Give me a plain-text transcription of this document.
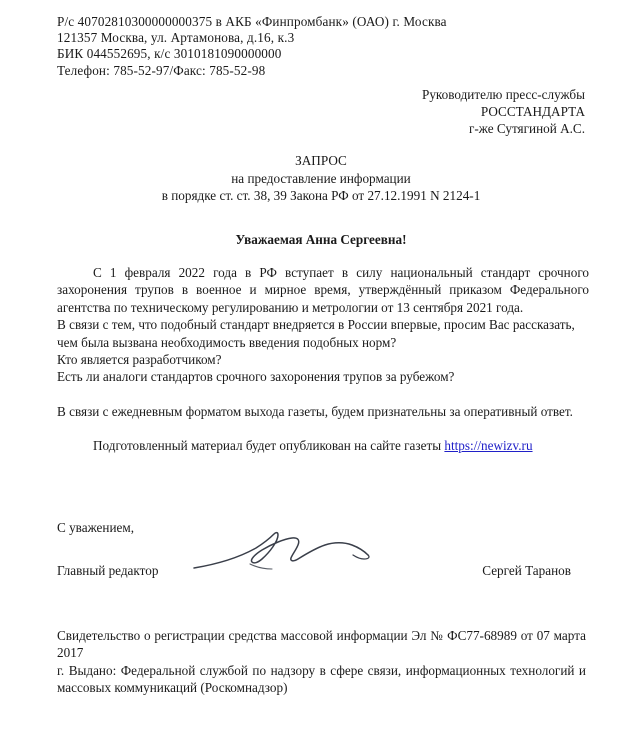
Р/с 40702810300000000375 в АКБ «Финпромбанк» (ОАО) г. Москва
121357 Москва, ул. Артамонова, д.16, к.3
БИК 044552695, к/с 3010181090000000
Телефон: 785-52-97/Факс: 785-52-98
Руководителю пресс-службы
РОССТАНДАРТА
г-же Сутягиной А.С.
ЗАПРОС
на предоставление информации
в порядке ст. ст. 38, 39 Закона РФ от 27.12.1991 N 2124-1
Уважаемая Анна Сергеевна!
С 1 февраля 2022 года в РФ вступает в силу национальный стандарт срочного захоронения трупов в военное и мирное время, утверждённый приказом Федерального агентства по техническому регулированию и метрологии от 13 сентября 2021 года.
В связи с тем, что подобный стандарт внедряется в России впервые, просим Вас рассказать, чем была вызвана необходимость введения подобных норм?
Кто является разработчиком?
Есть ли аналоги стандартов срочного захоронения трупов за рубежом?
В связи с ежедневным форматом выхода газеты, будем признательны за оперативный ответ.
Подготовленный материал будет опубликован на сайте газеты https://newizv.ru
С уважением,
Главный редактор	Сергей Таранов
Свидетельство о регистрации средства массовой информации Эл № ФС77-68989 от 07 марта 2017
г. Выдано: Федеральной службой по надзору в сфере связи, информационных технологий и
массовых коммуникаций (Роскомнадзор)
